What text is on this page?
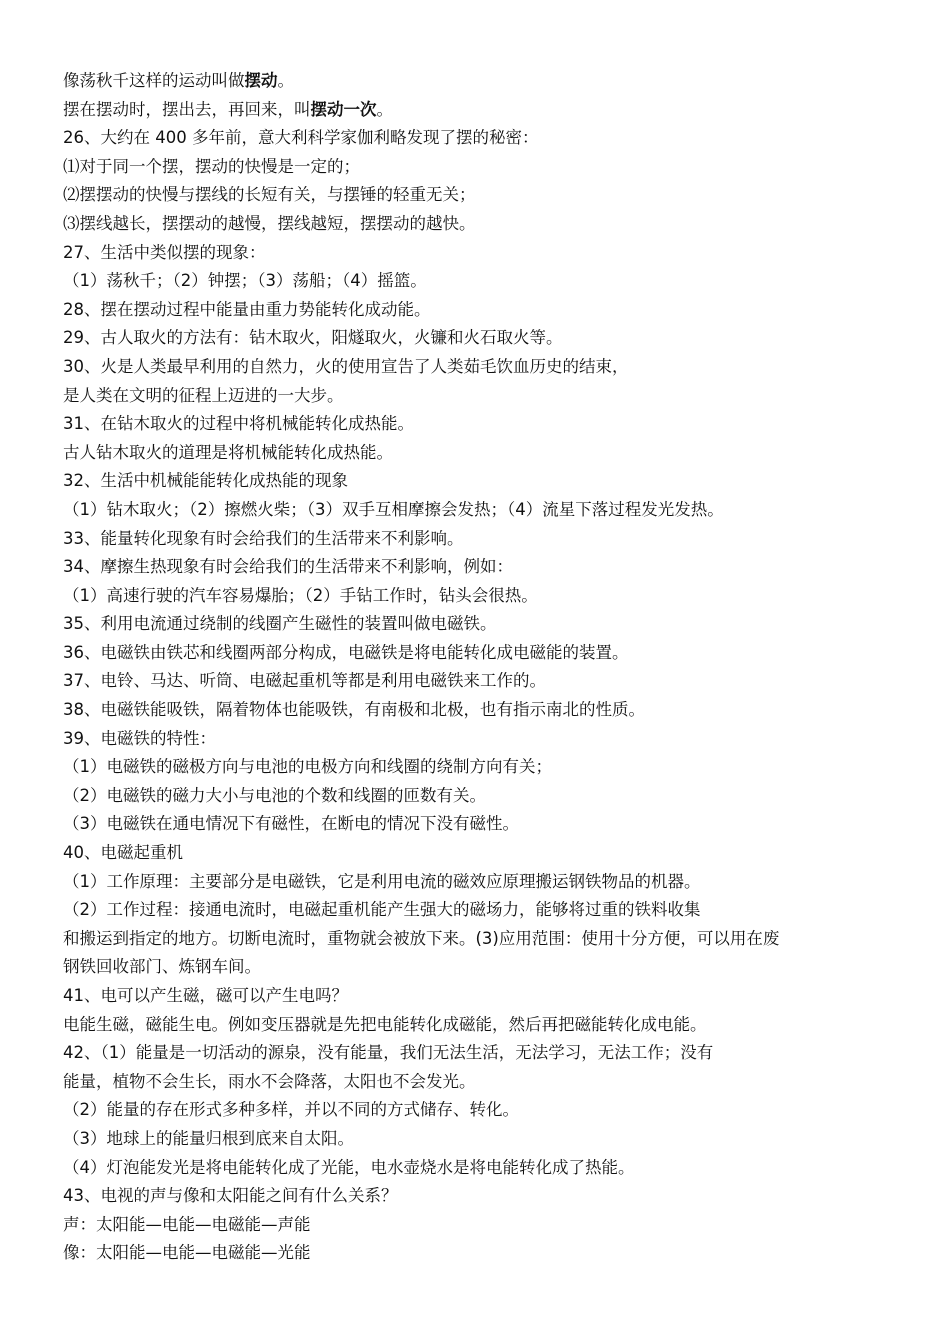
像荡秋千这样的运动叫做摆动。
摆在摆动时，摆出去，再回来，叫摆动一次。
26、大约在 400 多年前，意大利科学家伽利略发现了摆的秘密：
⑴对于同一个摆，摆动的快慢是一定的；
⑵摆摆动的快慢与摆线的长短有关，与摆锤的轻重无关；
⑶摆线越长，摆摆动的越慢，摆线越短，摆摆动的越快。
27、生活中类似摆的现象：
（1）荡秋千；（2）钟摆；（3）荡船；（4）摇篮。
28、摆在摆动过程中能量由重力势能转化成动能。
29、古人取火的方法有：钻木取火，阳燧取火，火镰和火石取火等。
30、火是人类最早利用的自然力，火的使用宣告了人类茹毛饮血历史的结束，
是人类在文明的征程上迈进的一大步。
31、在钻木取火的过程中将机械能转化成热能。
古人钻木取火的道理是将机械能转化成热能。
32、生活中机械能能转化成热能的现象
（1）钻木取火；（2）擦燃火柴；（3）双手互相摩擦会发热；（4）流星下落过程发光发热。
33、能量转化现象有时会给我们的生活带来不利影响。
34、摩擦生热现象有时会给我们的生活带来不利影响，例如：
（1）高速行驶的汽车容易爆胎；（2）手钻工作时，钻头会很热。
35、利用电流通过绕制的线圈产生磁性的装置叫做电磁铁。
36、电磁铁由铁芯和线圈两部分构成，电磁铁是将电能转化成电磁能的装置。
37、电铃、马达、听筒、电磁起重机等都是利用电磁铁来工作的。
38、电磁铁能吸铁，隔着物体也能吸铁，有南极和北极，也有指示南北的性质。
39、电磁铁的特性：
（1）电磁铁的磁极方向与电池的电极方向和线圈的绕制方向有关；
（2）电磁铁的磁力大小与电池的个数和线圈的匝数有关。
（3）电磁铁在通电情况下有磁性，在断电的情况下没有磁性。
40、电磁起重机
（1）工作原理：主要部分是电磁铁，它是利用电流的磁效应原理搬运钢铁物品的机器。
（2）工作过程：接通电流时，电磁起重机能产生强大的磁场力，能够将过重的铁料收集
和搬运到指定的地方。切断电流时，重物就会被放下来。(3)应用范围：使用十分方便，可以用在废
钢铁回收部门、炼钢车间。
41、电可以产生磁，磁可以产生电吗？
电能生磁，磁能生电。例如变压器就是先把电能转化成磁能，然后再把磁能转化成电能。
42、（1）能量是一切活动的源泉，没有能量，我们无法生活，无法学习，无法工作；没有
能量，植物不会生长，雨水不会降落，太阳也不会发光。
（2）能量的存在形式多种多样，并以不同的方式储存、转化。
（3）地球上的能量归根到底来自太阳。
（4）灯泡能发光是将电能转化成了光能，电水壶烧水是将电能转化成了热能。
43、电视的声与像和太阳能之间有什么关系？
声：太阳能—电能—电磁能—声能
像：太阳能—电能—电磁能—光能
